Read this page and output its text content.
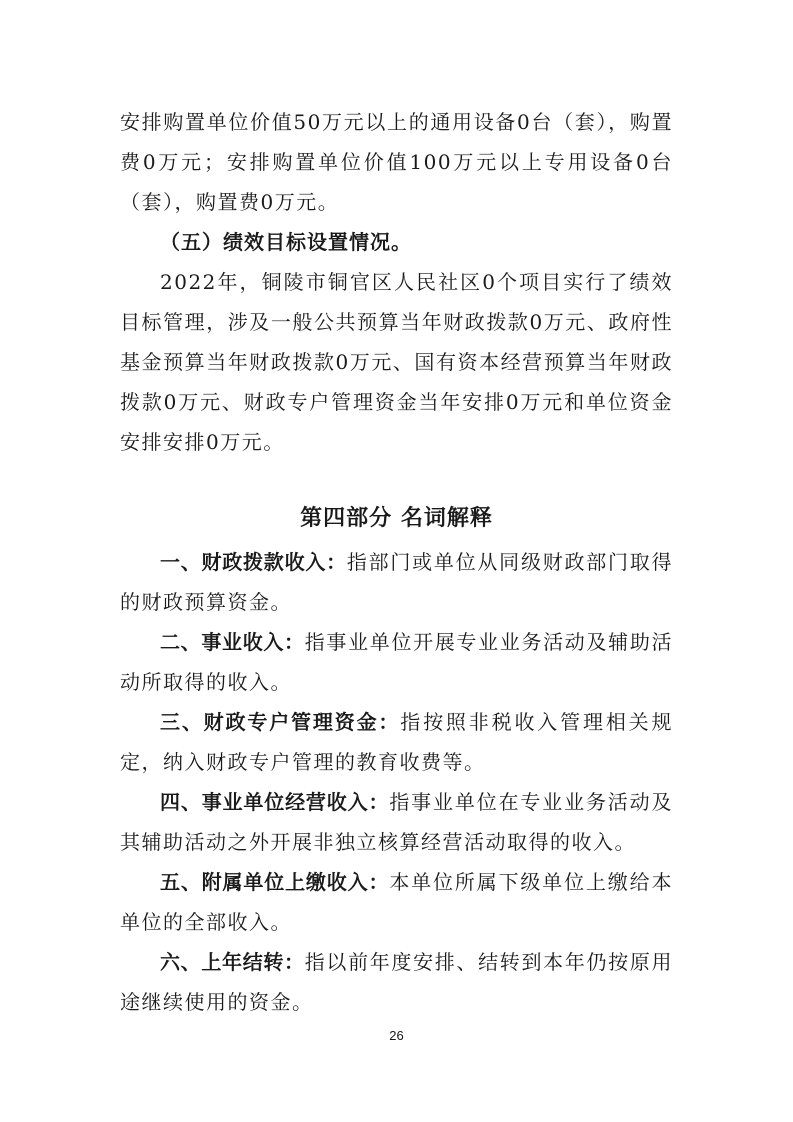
安排购置单位价值50万元以上的通用设备0台（套），购置费0万元；安排购置单位价值100万元以上专用设备0台（套），购置费0万元。

（五）绩效目标设置情况。

2022年，铜陵市铜官区人民社区0个项目实行了绩效目标管理，涉及一般公共预算当年财政拨款0万元、政府性基金预算当年财政拨款0万元、国有资本经营预算当年财政拨款0万元、财政专户管理资金当年安排0万元和单位资金安排安排0万元。

第四部分 名词解释

一、财政拨款收入：指部门或单位从同级财政部门取得的财政预算资金。

二、事业收入：指事业单位开展专业业务活动及辅助活动所取得的收入。

三、财政专户管理资金：指按照非税收入管理相关规定，纳入财政专户管理的教育收费等。

四、事业单位经营收入：指事业单位在专业业务活动及其辅助活动之外开展非独立核算经营活动取得的收入。

五、附属单位上缴收入：本单位所属下级单位上缴给本单位的全部收入。

六、上年结转：指以前年度安排、结转到本年仍按原用途继续使用的资金。

26
